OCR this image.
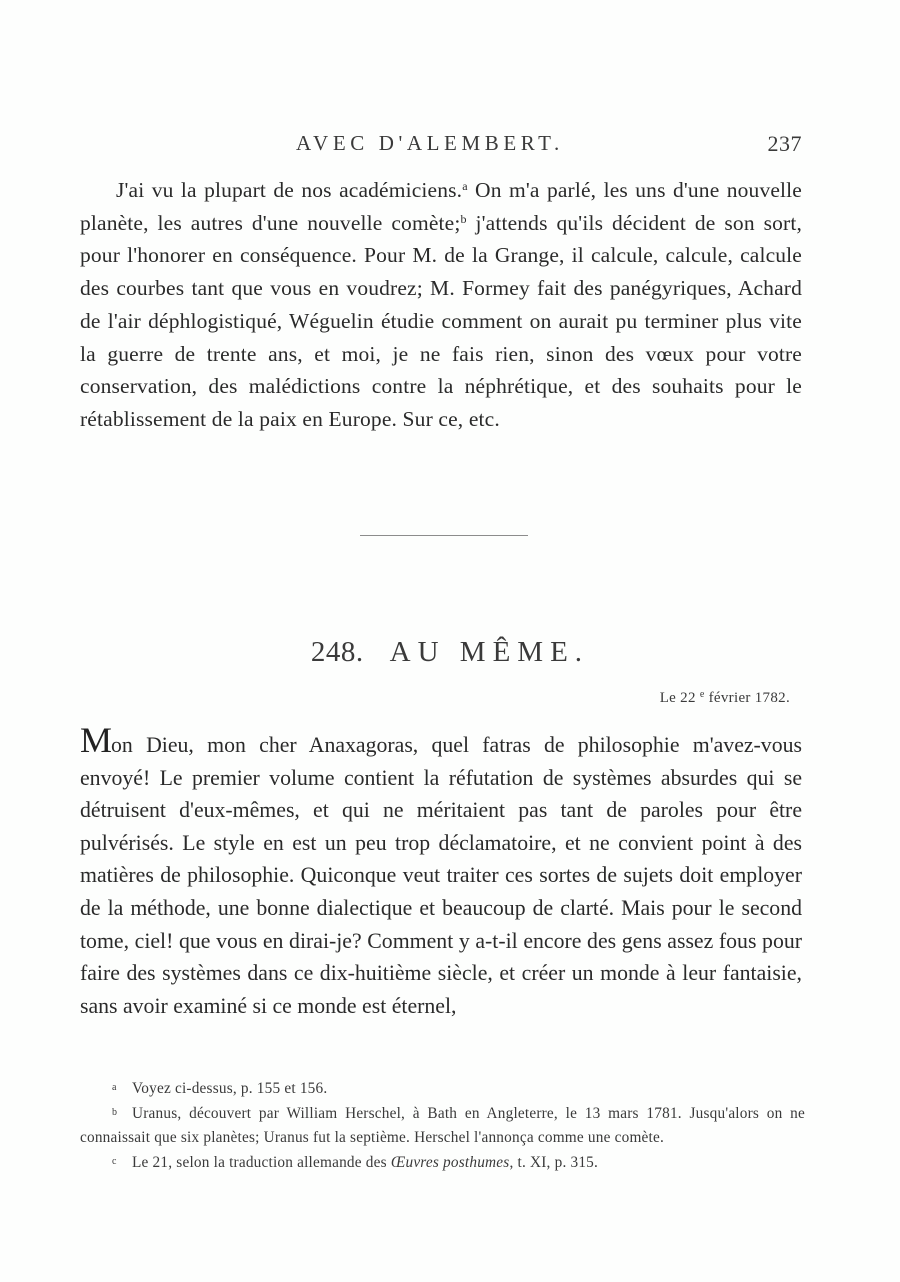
AVEC D'ALEMBERT.	237

J'ai vu la plupart de nos académiciens.$^a$ On m'a parlé, les uns d'une nouvelle planète, les autres d'une nouvelle comète;$^b$ j'attends qu'ils décident de son sort, pour l'honorer en conséquence. Pour M. de la Grange, il calcule, calcule, calcule des courbes tant que vous en voudrez; M. Formey fait des panégyriques, Achard de l'air déphlogistiqué, Wéguelin étudie comment on aurait pu terminer plus vite la guerre de trente ans, et moi, je ne fais rien, sinon des vœux pour votre conservation, des malédictions contre la néphrétique, et des souhaits pour le rétablissement de la paix en Europe. Sur ce, etc.

248. AU MÊME.
Le 22 $^e$ février 1782.

Mon Dieu, mon cher Anaxagoras, quel fatras de philosophie m'avez-vous envoyé! Le premier volume contient la réfutation de systèmes absurdes qui se détruisent d'eux-mêmes, et qui ne méritaient pas tant de paroles pour être pulvérisés. Le style en est un peu trop déclamatoire, et ne convient point à des matières de philosophie. Quiconque veut traiter ces sortes de sujets doit employer de la méthode, une bonne dialectique et beaucoup de clarté. Mais pour le second tome, ciel! que vous en dirai-je? Comment y a-t-il encore des gens assez fous pour faire des systèmes dans ce dix-huitième siècle, et créer un monde à leur fantaisie, sans avoir examiné si ce monde est éternel,

a Voyez ci-dessus, p. 155 et 156.

b Uranus, découvert par William Herschel, à Bath en Angleterre, le 13 mars 1781. Jusqu'alors on ne connaissait que six planètes; Uranus fut la septième. Herschel l'annonça comme une comète.

c Le 21, selon la traduction allemande des Œuvres posthumes, t. XI, p. 315.
